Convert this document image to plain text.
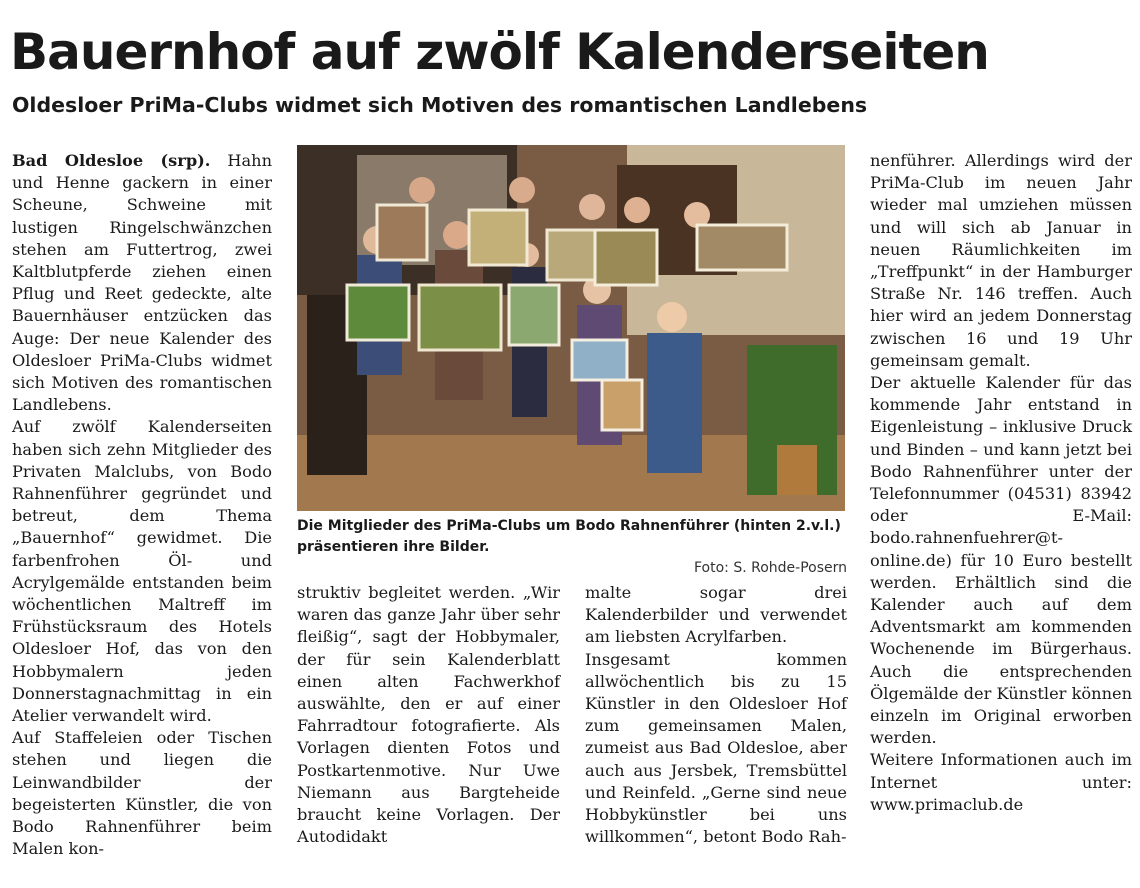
Bauernhof auf zwölf Kalenderseiten
Oldesloer PriMa-Clubs widmet sich Motiven des romantischen Landlebens

Bad Oldesloe (srp). Hahn und Henne gackern in einer Scheune, Schweine mit lustigen Ringelschwänzchen stehen am Futtertrog, zwei Kaltblutpferde ziehen einen Pflug und Reet gedeckte, alte Bauernhäuser entzücken das Auge: Der neue Kalender des Oldesloer PriMa-Clubs widmet sich Motiven des romantischen Landlebens.

Auf zwölf Kalenderseiten haben sich zehn Mitglieder des Privaten Malclubs, von Bodo Rahnenführer gegründet und betreut, dem Thema „Bauernhof“ gewidmet. Die farbenfrohen Öl- und Acrylgemälde entstanden beim wöchentlichen Maltreff im Frühstücksraum des Hotels Oldesloer Hof, das von den Hobbymalern jeden Donnerstagnachmittag in ein Atelier verwandelt wird.

Auf Staffeleien oder Tischen stehen und liegen die Leinwandbilder der begeisterten Künstler, die von Bodo Rahnenführer beim Malen kon-

Die Mitglieder des PriMa-Clubs um Bodo Rahnenführer (hinten 2.v.l.) präsentieren ihre Bilder.
Foto: S. Rohde-Posern

struktiv begleitet werden. „Wir waren das ganze Jahr über sehr fleißig“, sagt der Hobbymaler, der für sein Kalenderblatt einen alten Fachwerkhof auswählte, den er auf einer Fahrradtour fotografierte. Als Vorlagen dienten Fotos und Postkartenmotive. Nur Uwe Niemann aus Bargteheide braucht keine Vorlagen. Der Autodidakt

malte sogar drei Kalenderbilder und verwendet am liebsten Acrylfarben.

Insgesamt kommen allwöchentlich bis zu 15 Künstler in den Oldesloer Hof zum gemeinsamen Malen, zumeist aus Bad Oldesloe, aber auch aus Jersbek, Tremsbüttel und Reinfeld. „Gerne sind neue Hobbykünstler bei uns willkommen“, betont Bodo Rah-

nenführer. Allerdings wird der PriMa-Club im neuen Jahr wieder mal umziehen müssen und will sich ab Januar in neuen Räumlichkeiten im „Treffpunkt“ in der Hamburger Straße Nr. 146 treffen. Auch hier wird an jedem Donnerstag zwischen 16 und 19 Uhr gemeinsam gemalt.

Der aktuelle Kalender für das kommende Jahr entstand in Eigenleistung – inklusive Druck und Binden – und kann jetzt bei Bodo Rahnenführer unter der Telefonnummer (04531) 83942 oder E-Mail: bodo.rahnenfuehrer@t-online.de) für 10 Euro bestellt werden. Erhältlich sind die Kalender auch auf dem Adventsmarkt am kommenden Wochenende im Bürgerhaus. Auch die entsprechenden Ölgemälde der Künstler können einzeln im Original erworben werden.

Weitere Informationen auch im Internet unter: www.primaclub.de
